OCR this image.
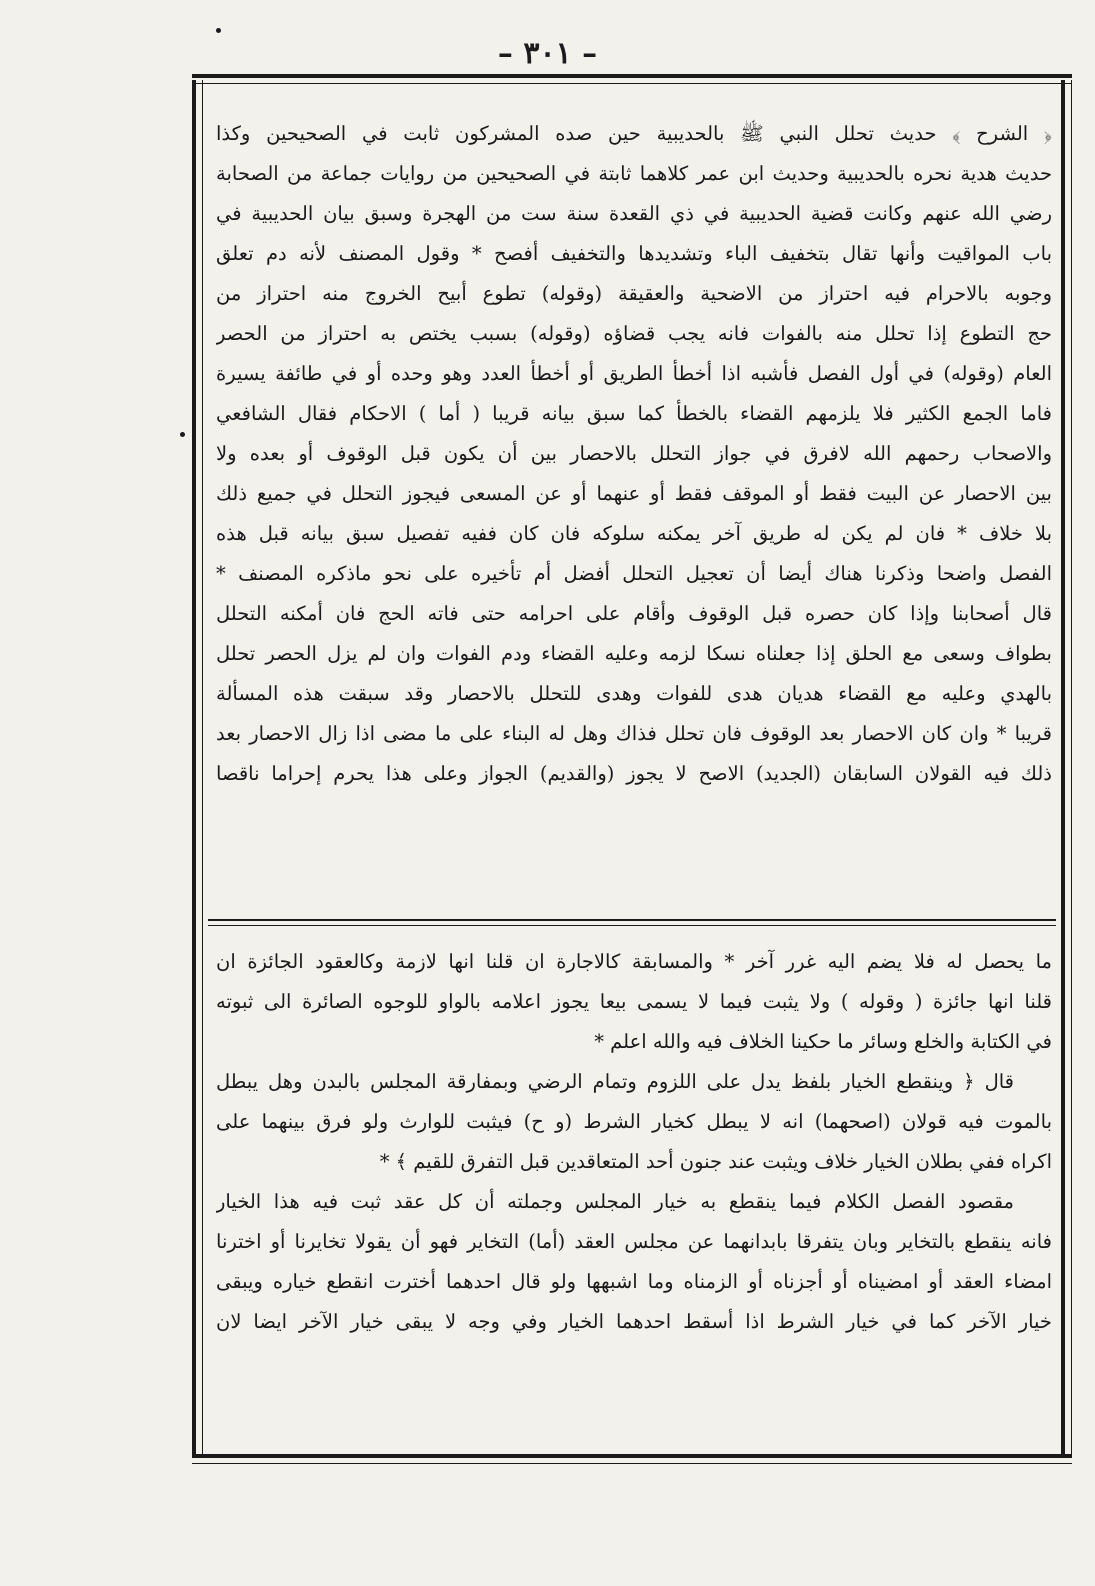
– ٣٠١ –
﴿ الشرح ﴾ حديث تحلل النبي ﷺ بالحديبية حين صده المشركون ثابت في الصحيحين وكذا
حديث هدية نحره بالحديبية وحديث ابن عمر كلاهما ثابتة في الصحيحين من روايات جماعة من الصحابة
رضي الله عنهم وكانت قضية الحديبية في ذي القعدة سنة ست من الهجرة وسبق بيان الحديبية في
باب المواقيت وأنها تقال بتخفيف الباء وتشديدها والتخفيف أفصح * وقول المصنف لأنه دم تعلق
وجوبه بالاحرام فيه احتراز من الاضحية والعقيقة (وقوله) تطوع أبيح الخروج منه احتراز من
حج التطوع إذا تحلل منه بالفوات فانه يجب قضاؤه (وقوله) بسبب يختص به احتراز من الحصر
العام (وقوله) في أول الفصل فأشبه اذا أخطأ الطريق أو أخطأ العدد وهو وحده أو في طائفة يسيرة
فاما الجمع الكثير فلا يلزمهم القضاء بالخطأ كما سبق بيانه قريبا ( أما ) الاحكام فقال الشافعي
والاصحاب رحمهم الله لافرق في جواز التحلل بالاحصار بين أن يكون قبل الوقوف أو بعده ولا
بين الاحصار عن البيت فقط أو الموقف فقط أو عنهما أو عن المسعى فيجوز التحلل في جميع ذلك
بلا خلاف * فان لم يكن له طريق آخر يمكنه سلوكه فان كان ففيه تفصيل سبق بيانه قبل هذه
الفصل واضحا وذكرنا هناك أيضا أن تعجيل التحلل أفضل أم تأخيره على نحو ماذكره المصنف *
قال أصحابنا وإذا كان حصره قبل الوقوف وأقام على احرامه حتى فاته الحج فان أمكنه التحلل
بطواف وسعى مع الحلق إذا جعلناه نسكا لزمه وعليه القضاء ودم الفوات وان لم يزل الحصر تحلل
بالهدي وعليه مع القضاء هديان هدى للفوات وهدى للتحلل بالاحصار وقد سبقت هذه المسألة
قريبا * وان كان الاحصار بعد الوقوف فان تحلل فذاك وهل له البناء على ما مضى اذا زال الاحصار بعد
ذلك فيه القولان السابقان (الجديد) الاصح لا يجوز (والقديم) الجواز وعلى هذا يحرم إحراما ناقصا
ما يحصل له فلا يضم اليه غرر آخر * والمسابقة كالاجارة ان قلنا انها لازمة وكالعقود الجائزة ان
قلنا انها جائزة ( وقوله ) ولا يثبت فيما لا يسمى بيعا يجوز اعلامه بالواو للوجوه الصائرة الى ثبوته
في الكتابة والخلع وسائر ما حكينا الخلاف فيه والله اعلم *
قال ﴿ وينقطع الخيار بلفظ يدل على اللزوم وتمام الرضي وبمفارقة المجلس بالبدن وهل يبطل
بالموت فيه قولان (اصحهما) انه لا يبطل كخيار الشرط (و ح) فيثبت للوارث ولو فرق بينهما على
اكراه ففي بطلان الخيار خلاف ويثبت عند جنون أحد المتعاقدين قبل التفرق للقيم ﴾ *
مقصود الفصل الكلام فيما ينقطع به خيار المجلس وجملته أن كل عقد ثبت فيه هذا الخيار
فانه ينقطع بالتخاير وبان يتفرقا بابدانهما عن مجلس العقد (أما) التخاير فهو أن يقولا تخايرنا أو اخترنا
امضاء العقد أو امضيناه أو أجزناه أو الزمناه وما اشبهها ولو قال احدهما أخترت انقطع خياره ويبقى
خيار الآخر كما في خيار الشرط اذا أسقط احدهما الخيار وفي وجه لا يبقى خيار الآخر ايضا لان
